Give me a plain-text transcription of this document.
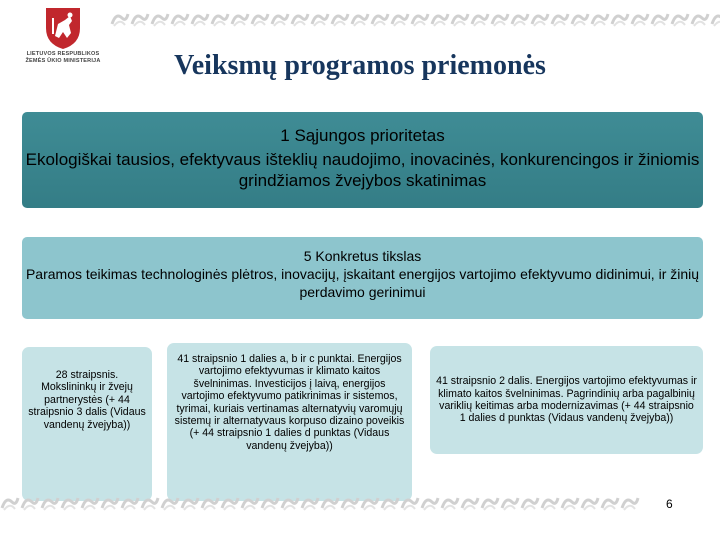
LIETUVOS RESPUBLIKOS
ŽEMĖS ŪKIO MINISTERIJA	Veiksmų programos priemonės
1 Sąjungos prioritetas
Ekologiškai tausios, efektyvaus išteklių naudojimo, inovacinės, konkurencingos ir žiniomis grindžiamos žvejybos skatinimas
5 Konkretus tikslas
Paramos teikimas technologinės plėtros, inovacijų, įskaitant energijos vartojimo efektyvumo didinimui, ir žinių perdavimo gerinimui
28 straipsnis. Mokslininkų ir žvejų partnerystės (+ 44 straipsnio 3 dalis (Vidaus vandenų žvejyba))
41 straipsnio 1 dalies a, b ir c punktai. Energijos vartojimo efektyvumas ir klimato kaitos švelninimas. Investicijos į laivą, energijos vartojimo efektyvumo patikrinimas ir sistemos, tyrimai, kuriais vertinamas alternatyvių varomųjų sistemų ir alternatyvaus korpuso dizaino poveikis (+ 44 straipsnio 1 dalies d punktas (Vidaus vandenų žvejyba))
41 straipsnio 2 dalis. Energijos vartojimo efektyvumas ir klimato kaitos švelninimas. Pagrindinių arba pagalbinių variklių keitimas arba modernizavimas (+ 44 straipsnio 1 dalies d punktas (Vidaus vandenų žvejyba))
6
